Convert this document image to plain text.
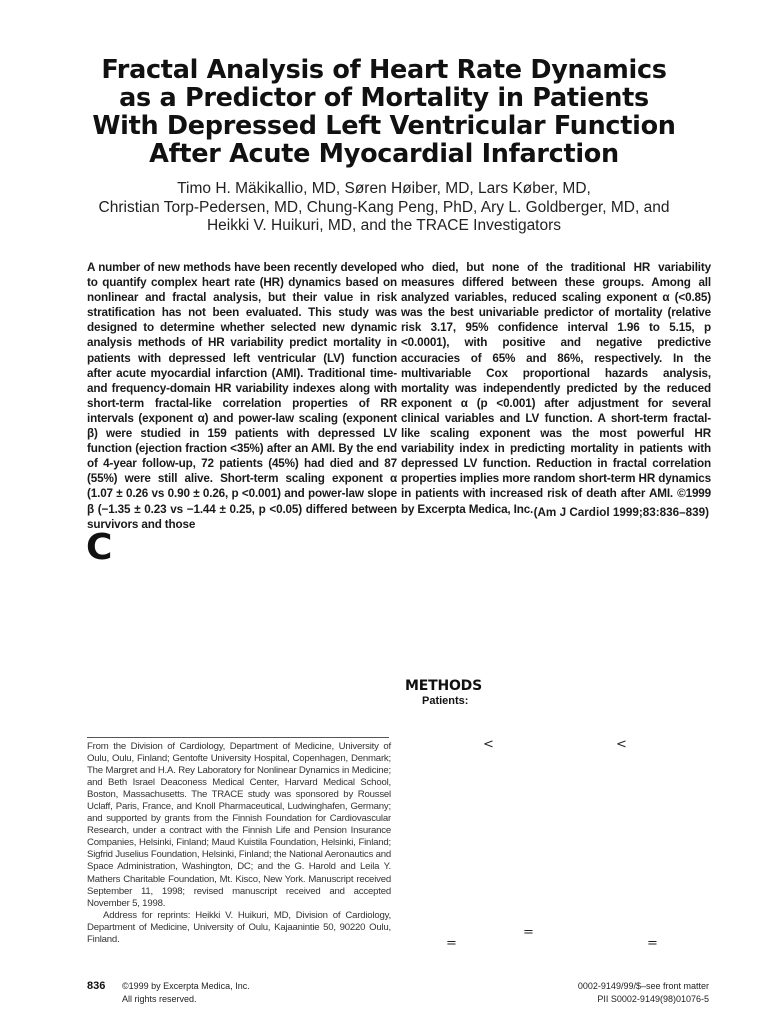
Fractal Analysis of Heart Rate Dynamics
as a Predictor of Mortality in Patients
With Depressed Left Ventricular Function
After Acute Myocardial Infarction
Timo H. Mäkikallio, MD, Søren Høiber, MD, Lars Køber, MD,
Christian Torp-Pedersen, MD, Chung-Kang Peng, PhD, Ary L. Goldberger, MD, and
Heikki V. Huikuri, MD, and the TRACE Investigators
A number of new methods have been recently developed to quantify complex heart rate (HR) dynamics based on nonlinear and fractal analysis, but their value in risk stratification has not been evaluated. This study was designed to determine whether selected new dynamic analysis methods of HR variability predict mortality in patients with depressed left ventricular (LV) function after acute myocardial infarction (AMI). Traditional time- and frequency-domain HR variability indexes along with short-term fractal-like correlation properties of RR intervals (exponent α) and power-law scaling (exponent β) were studied in 159 patients with depressed LV function (ejection fraction <35%) after an AMI. By the end of 4-year follow-up, 72 patients (45%) had died and 87 (55%) were still alive. Short-term scaling exponent α (1.07 ± 0.26 vs 0.90 ± 0.26, p <0.001) and power-law slope β (−1.35 ± 0.23 vs −1.44 ± 0.25, p <0.05) differed between survivors and those
who died, but none of the traditional HR variability measures differed between these groups. Among all analyzed variables, reduced scaling exponent α (<0.85) was the best univariable predictor of mortality (relative risk 3.17, 95% confidence interval 1.96 to 5.15, p <0.0001), with positive and negative predictive accuracies of 65% and 86%, respectively. In the multivariable Cox proportional hazards analysis, mortality was independently predicted by the reduced exponent α (p <0.001) after adjustment for several clinical variables and LV function. A short-term fractal-like scaling exponent was the most powerful HR variability index in predicting mortality in patients with depressed LV function. Reduction in fractal correlation properties implies more random short-term HR dynamics in patients with increased risk of death after AMI. ©1999 by Excerpta Medica, Inc. (Am J Cardiol 1999;83:836–839)
C
METHODS
Patients:
<	<
=
=
=

From the Division of Cardiology, Department of Medicine, University of Oulu, Oulu, Finland; Gentofte University Hospital, Copenhagen, Denmark; The Margret and H.A. Rey Laboratory for Nonlinear Dynamics in Medicine; and Beth Israel Deaconess Medical Center, Harvard Medical School, Boston, Massachusetts. The TRACE study was sponsored by Roussel Uclaff, Paris, France, and Knoll Pharmaceutical, Ludwinghafen, Germany; and supported by grants from the Finnish Foundation for Cardiovascular Research, under a contract with the Finnish Life and Pension Insurance Companies, Helsinki, Finland; Maud Kuistila Foundation, Helsinki, Finland; Sigfrid Juselius Foundation, Helsinki, Finland; the National Aeronautics and Space Administration, Washington, DC; and the G. Harold and Leila Y. Mathers Charitable Foundation, Mt. Kisco, New York. Manuscript received September 11, 1998; revised manuscript received and accepted November 5, 1998.

Address for reprints: Heikki V. Huikuri, MD, Division of Cardiology, Department of Medicine, University of Oulu, Kajaanintie 50, 90220 Oulu, Finland.

836 ©1999 by Excerpta Medica, Inc.
All rights reserved.
0002-9149/99/$–see front matter
PII S0002-9149(98)01076-5
